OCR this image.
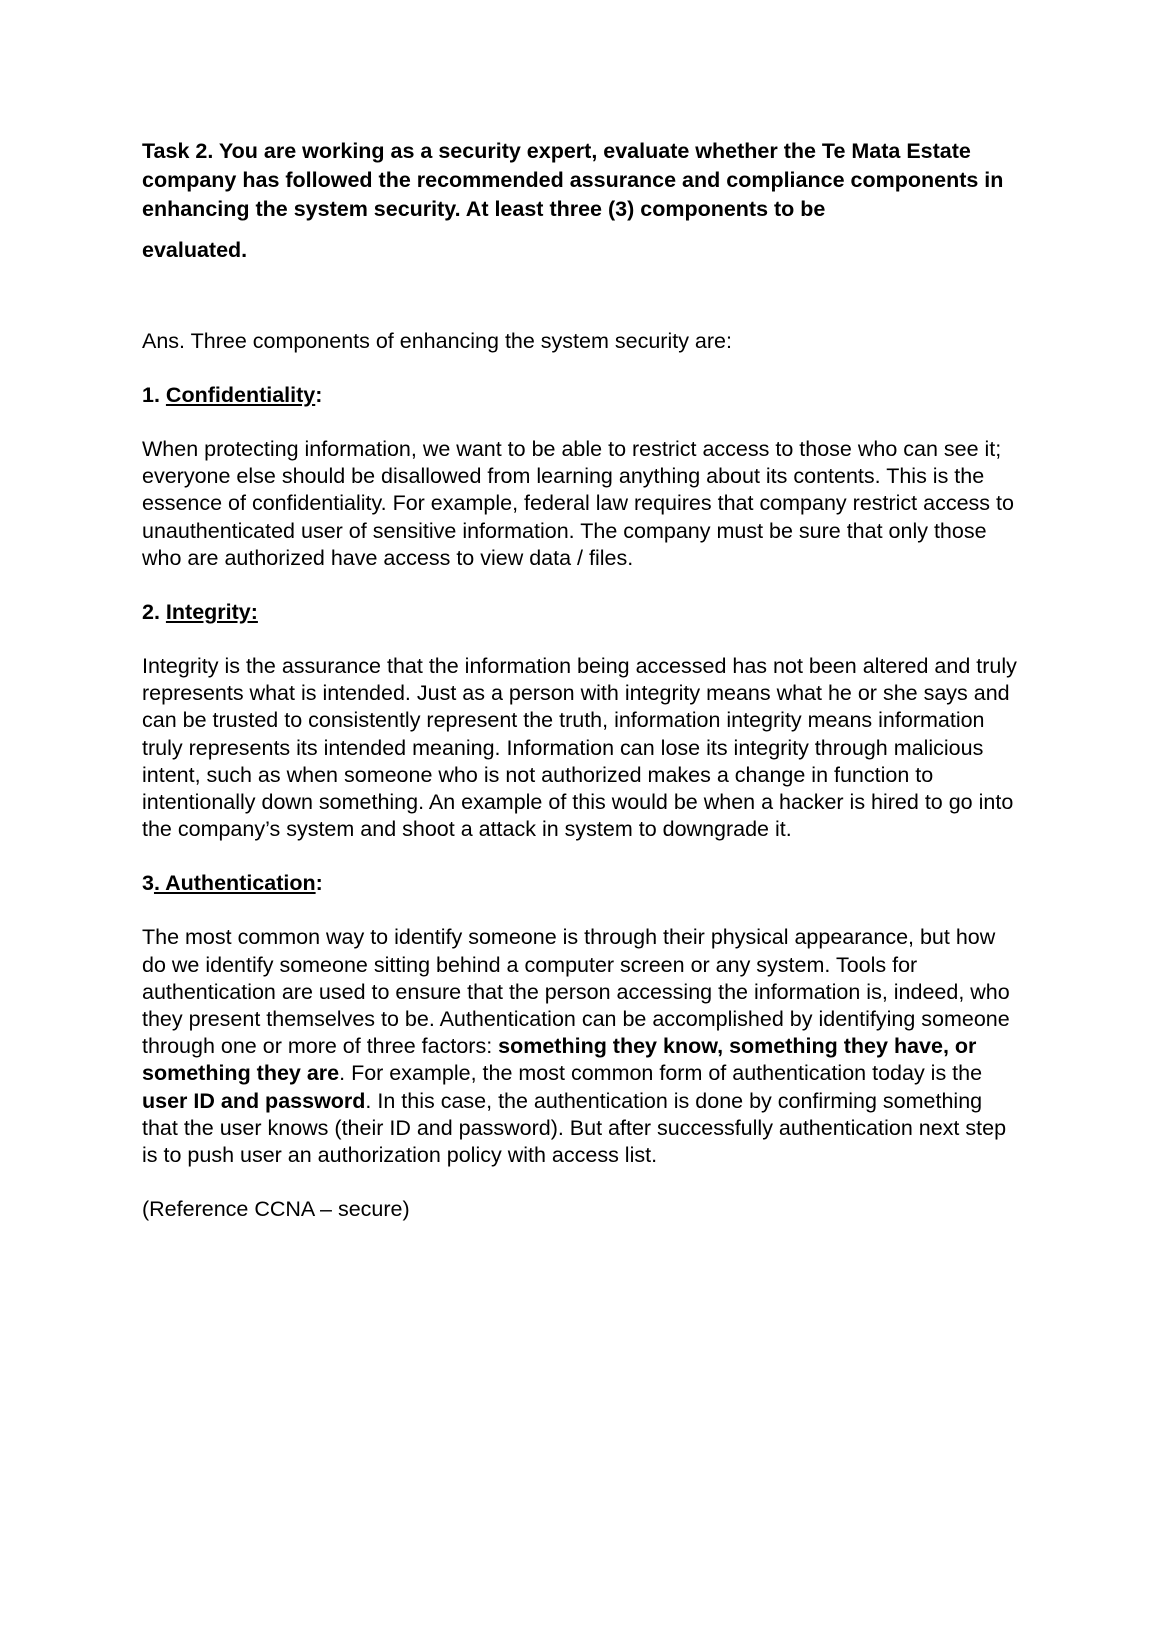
Task 2. You are working as a security expert, evaluate whether the Te Mata Estate company has followed the recommended assurance and compliance components in enhancing the system security. At least three (3) components to be

evaluated.

Ans. Three components of enhancing the system security are:

1. Confidentiality:

When protecting information, we want to be able to restrict access to those who can see it; everyone else should be disallowed from learning anything about its contents. This is the essence of confidentiality. For example, federal law requires that company restrict access to unauthenticated user of sensitive information. The company must be sure that only those who are authorized have access to view data / files.

2. Integrity:

Integrity is the assurance that the information being accessed has not been altered and truly represents what is intended. Just as a person with integrity means what he or she says and can be trusted to consistently represent the truth, information integrity means information truly represents its intended meaning. Information can lose its integrity through malicious intent, such as when someone who is not authorized makes a change in function to intentionally down something. An example of this would be when a hacker is hired to go into the company’s system and shoot a attack in system to downgrade it.

3. Authentication:

The most common way to identify someone is through their physical appearance, but how do we identify someone sitting behind a computer screen or any system. Tools for authentication are used to ensure that the person accessing the information is, indeed, who they present themselves to be. Authentication can be accomplished by identifying someone through one or more of three factors: something they know, something they have, or something they are. For example, the most common form of authentication today is the user ID and password. In this case, the authentication is done by confirming something that the user knows (their ID and password). But after successfully authentication next step is to push user an authorization policy with access list.

(Reference CCNA – secure)
